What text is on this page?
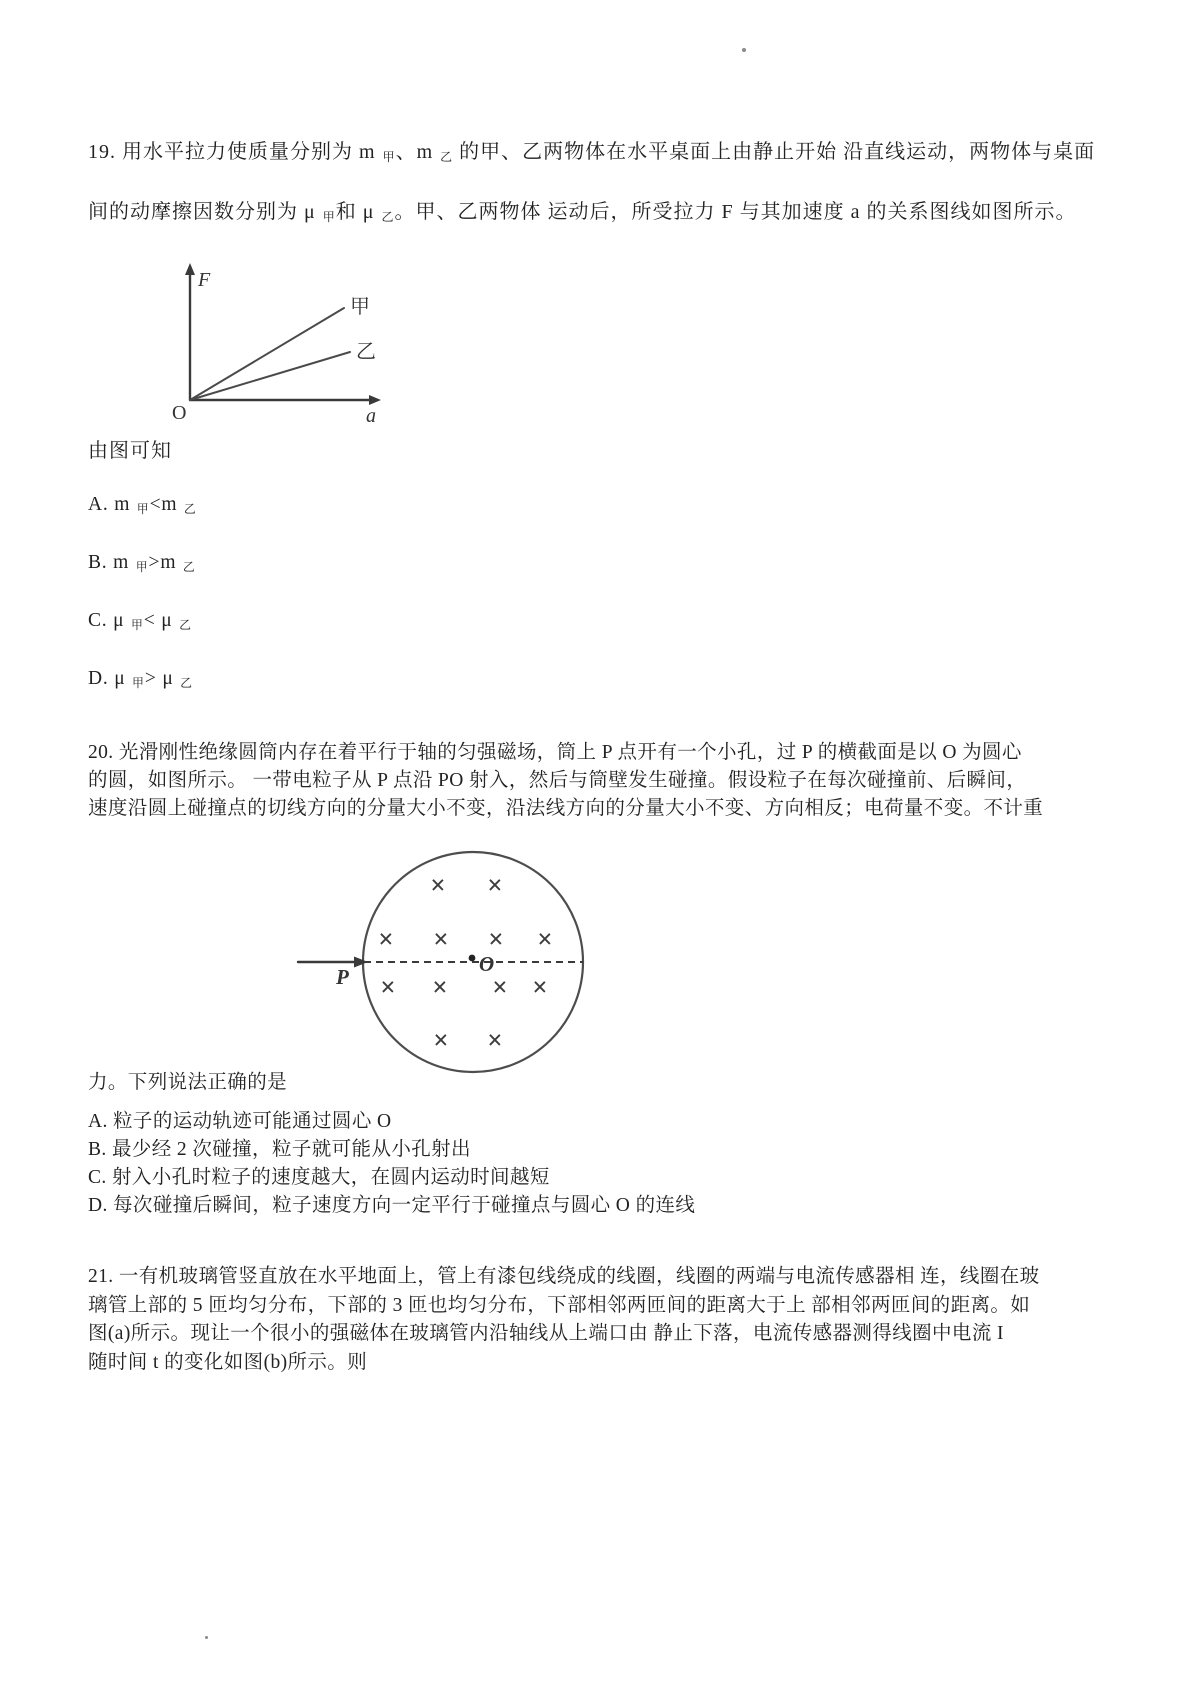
19. 用水平拉力使质量分别为 m $_甲$、m $_乙$ 的甲、乙两物体在水平桌面上由静止开始 沿直线运动，两物体与桌面
间的动摩擦因数分别为 μ $_甲$和 μ $_乙$。甲、乙两物体 运动后，所受拉力 F 与其加速度 a 的关系图线如图所示。
F
a
O
甲
乙
由图可知
A. m $_甲$<m $_乙$
B. m $_甲$>m $_乙$
C. μ $_甲$< μ $_乙$
D. μ $_甲$> μ $_乙$
20. 光滑刚性绝缘圆筒内存在着平行于轴的匀强磁场，筒上 P 点开有一个小孔，过 P 的横截面是以 O 为圆心
的圆，如图所示。 一带电粒子从 P 点沿 PO 射入，然后与筒壁发生碰撞。假设粒子在每次碰撞前、后瞬间，
速度沿圆上碰撞点的切线方向的分量大小不变，沿法线方向的分量大小不变、方向相反；电荷量不变。不计重
P
O
× ×
× × × ×
× × × ×
× ×
力。下列说法正确的是
A. 粒子的运动轨迹可能通过圆心 O
B. 最少经 2 次碰撞，粒子就可能从小孔射出
C. 射入小孔时粒子的速度越大，在圆内运动时间越短
D. 每次碰撞后瞬间，粒子速度方向一定平行于碰撞点与圆心 O 的连线
21. 一有机玻璃管竖直放在水平地面上，管上有漆包线绕成的线圈，线圈的两端与电流传感器相 连，线圈在玻
璃管上部的 5 匝均匀分布，下部的 3 匝也均匀分布，下部相邻两匝间的距离大于上 部相邻两匝间的距离。如
图(a)所示。现让一个很小的强磁体在玻璃管内沿轴线从上端口由 静止下落，电流传感器测得线圈中电流 I
随时间 t 的变化如图(b)所示。则
